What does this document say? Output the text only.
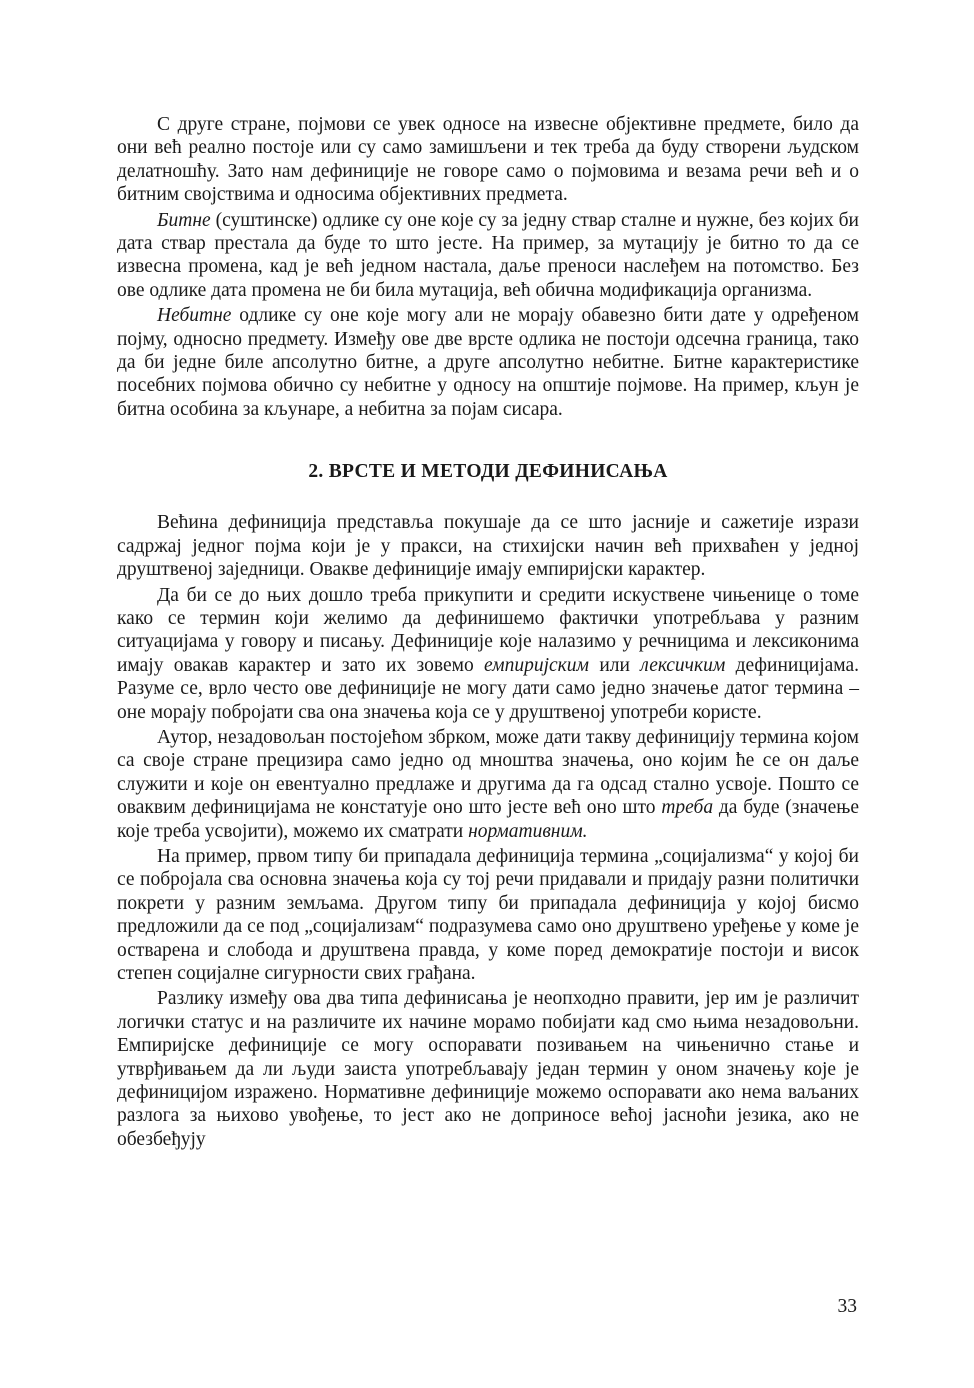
С друге стране, појмови се увек односе на извесне објективне предмете, било да они већ реално постоје или су само замишљени и тек треба да буду створени људском делатношћу. Зато нам дефиниције не говоре само о појмовима и везама речи већ и о битним својствима и односима објективних предмета.

Битне (суштинске) одлике су оне које су за једну ствар сталне и нужне, без којих би дата ствар престала да буде то што јесте. На пример, за мутацију је битно то да се извесна промена, кад је већ једном настала, даље преноси наслеђем на потомство. Без ове одлике дата промена не би била мутација, већ обична модификација организма.

Небитне одлике су оне које могу али не морају обавезно бити дате у одређеном појму, односно предмету. Између ове две врсте одлика не постоји одсечна граница, тако да би једне биле апсолутно битне, а друге апсолутно небитне. Битне карактеристике посебних појмова обично су небитне у односу на општије појмове. На пример, кљун је битна особина за кљунаре, а небитна за појам сисара.

2. ВРСТЕ И МЕТОДИ ДЕФИНИСАЊА

Већина дефиниција представља покушаје да се што јасније и сажетије изрази садржај једног појма који је у пракси, на стихијски начин већ прихваћен у једној друштвеној заједници. Овакве дефиниције имају емпиријски карактер.

Да би се до њих дошло треба прикупити и средити искуствене чињенице о томе како се термин који желимо да дефинишемо фактички употребљава у разним ситуацијама у говору и писању. Дефиниције које налазимо у речницима и лексиконима имају овакав карактер и зато их зовемо емпиријским или лексичким дефиницијама. Разуме се, врло често ове дефиниције не могу дати само једно значење датог термина – оне морају побројати сва она значења која се у друштвеној употреби користе.

Аутор, незадовољан постојећом збрком, може дати такву дефиницију термина којом са своје стране прецизира само једно од мноштва значења, оно којим ће се он даље служити и које он евентуално предлаже и другима да га одсад стално усвоје. Пошто се оваквим дефиницијама не констатује оно што јесте већ оно што треба да буде (значење које треба усвојити), можемо их сматрати нормативним.

На пример, првом типу би припадала дефиниција термина „социјализма“ у којој би се побројала сва основна значења која су тој речи придавали и придају разни политички покрети у разним земљама. Другом типу би припадала дефиниција у којој бисмо предложили да се под „социјализам“ подразумева само оно друштвено уређење у коме је остварена и слобода и друштвена правда, у коме поред демократије постоји и висок степен социјалне сигурности свих грађана.

Разлику између ова два типа дефинисања је неопходно правити, јер им је различит логички статус и на различите их начине морамо побијати кад смо њима незадовољни. Емпиријске дефиниције се могу оспоравати позивањем на чињенично стање и утврђивањем да ли људи заиста употребљавају један термин у оном значењу које је дефиницијом изражено. Нормативне дефиниције можемо оспоравати ако нема ваљаних разлога за њихово увођење, то јест ако не доприносе већој јасноћи језика, ако не обезбеђују

33
